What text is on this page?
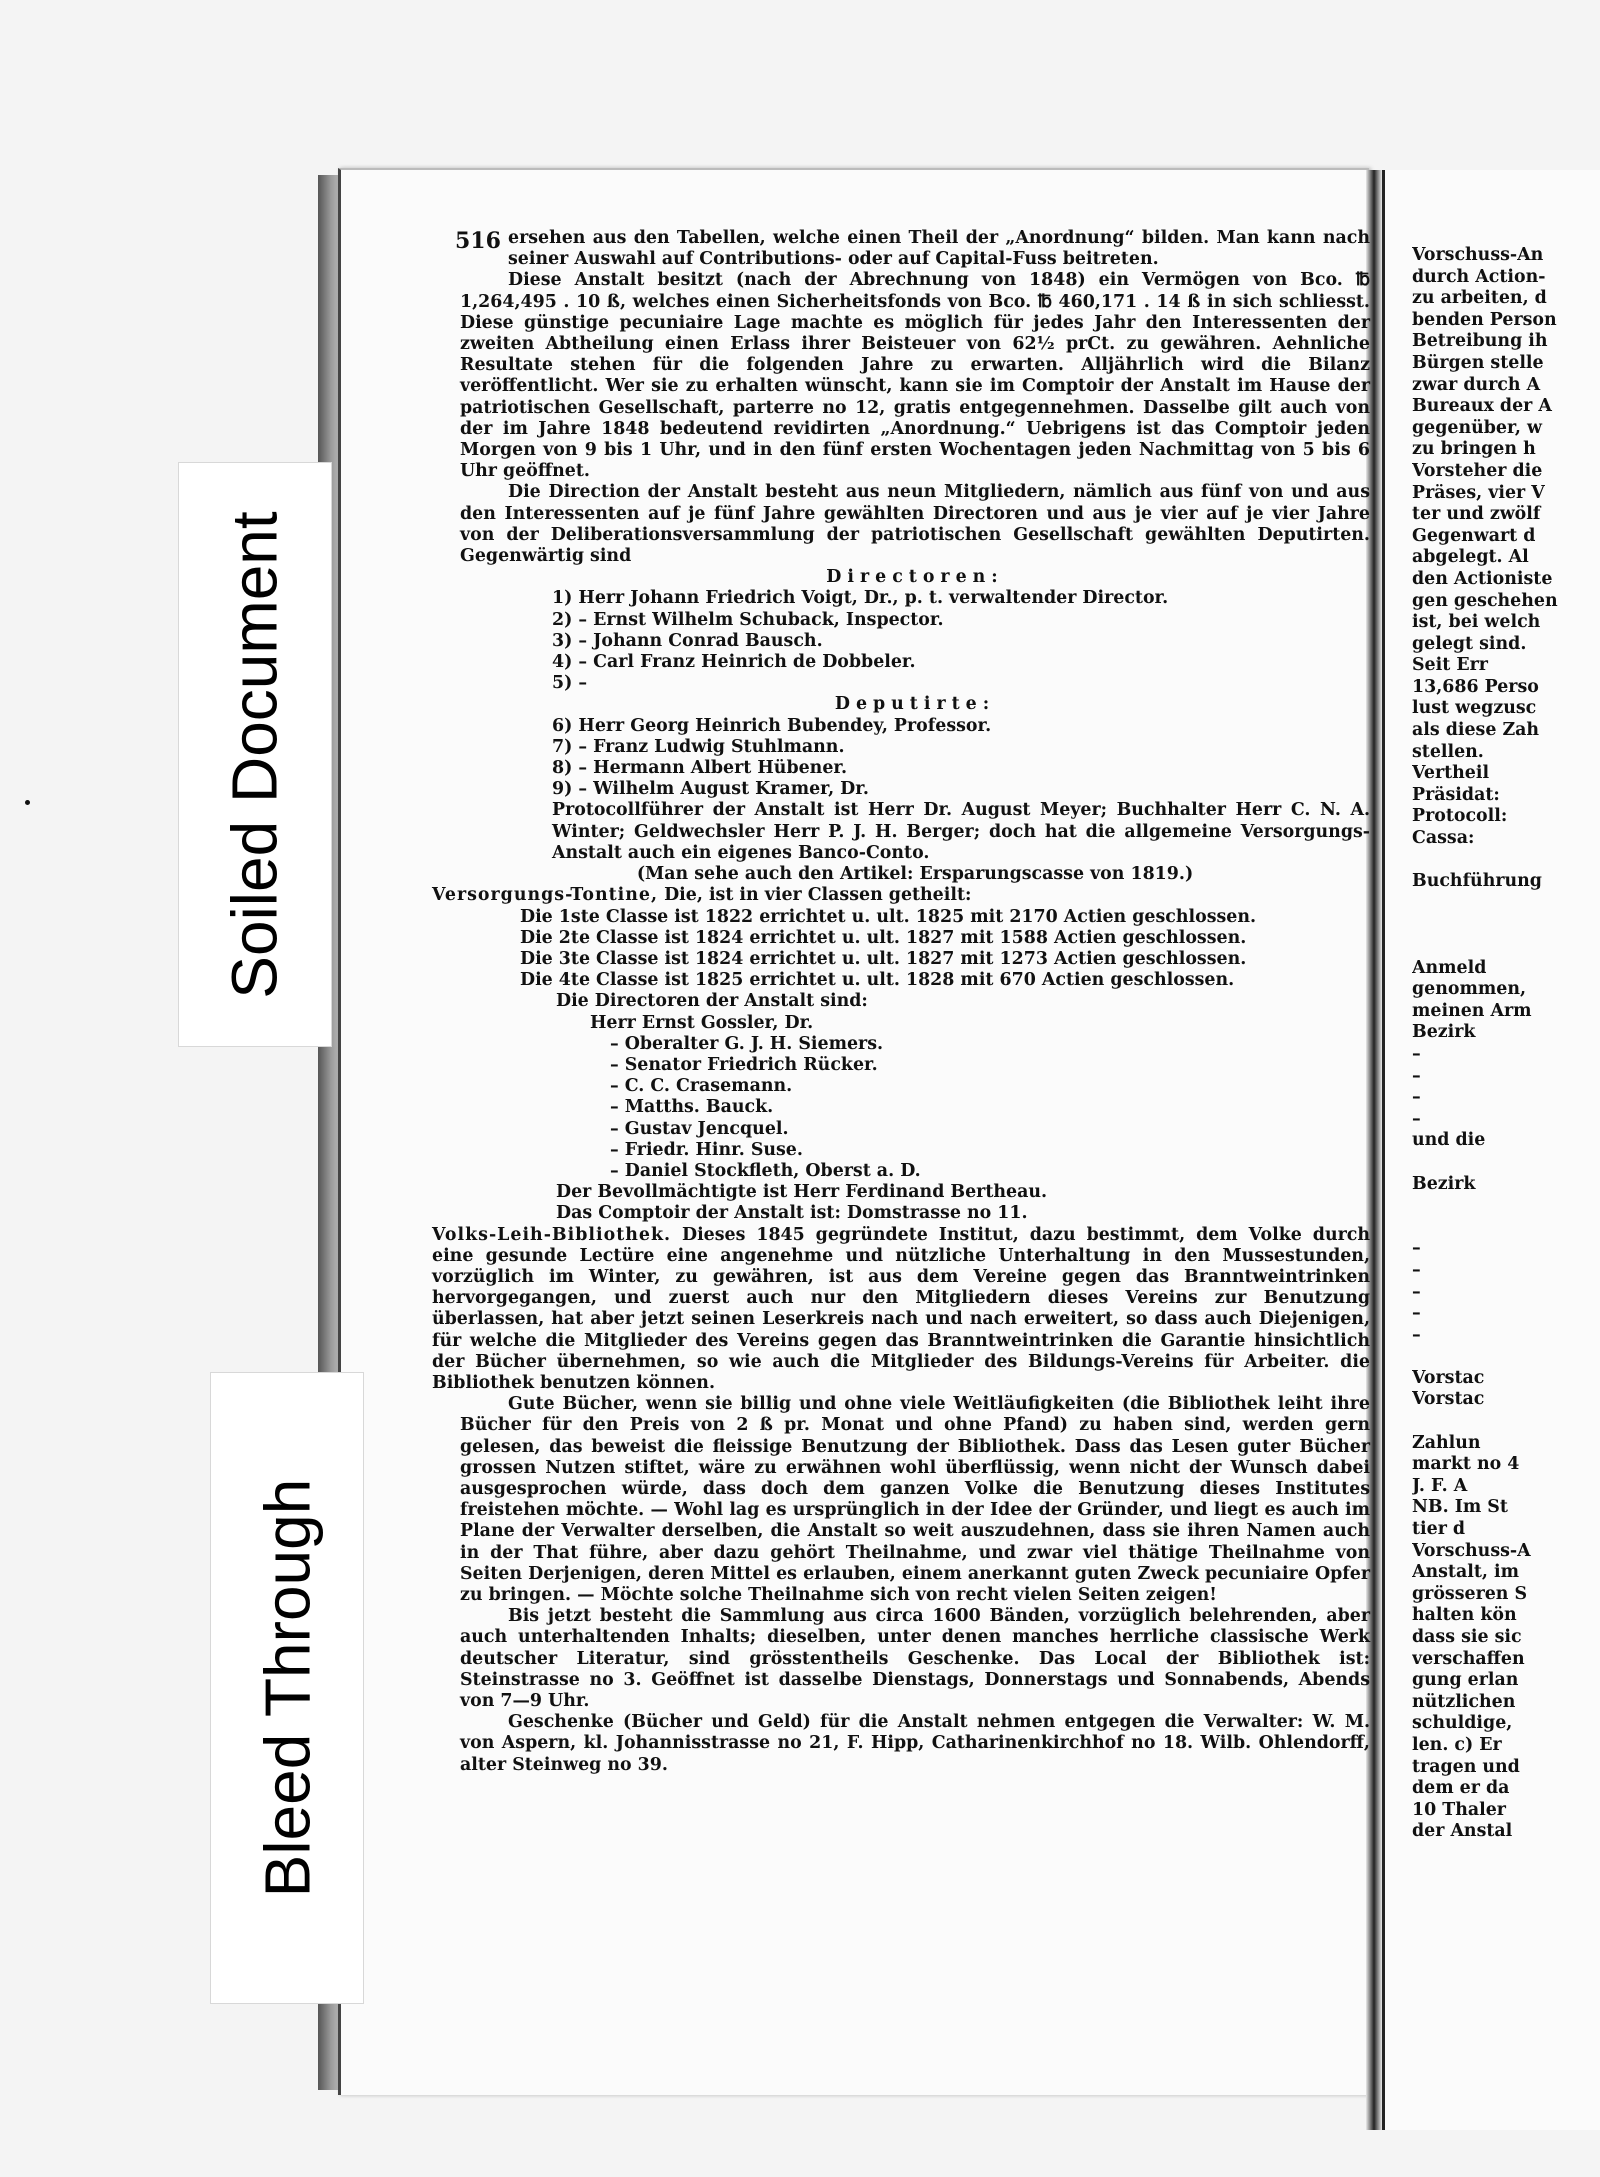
Soiled Document
Bleed Through
516 ersehen aus den Tabellen, welche einen Theil der „Anordnung“ bilden. Man kann nach seiner Auswahl auf Contributions- oder auf Capital-Fuss beitreten.

Diese Anstalt besitzt (nach der Abrechnung von 1848) ein Vermögen von Bco. ℔ 1,264,495 . 10 ß, welches einen Sicherheitsfonds von Bco. ℔ 460,171 . 14 ß in sich schliesst. Diese günstige pecuniaire Lage machte es möglich für jedes Jahr den Interessenten der zweiten Abtheilung einen Erlass ihrer Beisteuer von 62½ prCt. zu gewähren. Aehnliche Resultate stehen für die folgenden Jahre zu erwarten. Alljährlich wird die Bilanz veröffentlicht. Wer sie zu erhalten wünscht, kann sie im Comptoir der Anstalt im Hause der patriotischen Gesellschaft, parterre no 12, gratis entgegennehmen. Dasselbe gilt auch von der im Jahre 1848 bedeutend revidirten „Anordnung.“ Uebrigens ist das Comptoir jeden Morgen von 9 bis 1 Uhr, und in den fünf ersten Wochentagen jeden Nachmittag von 5 bis 6 Uhr geöffnet.

Die Direction der Anstalt besteht aus neun Mitgliedern, nämlich aus fünf von und aus den Interessenten auf je fünf Jahre gewählten Directoren und aus je vier auf je vier Jahre von der Deliberationsversammlung der patriotischen Gesellschaft gewählten Deputirten. Gegenwärtig sind

Directoren:

1) Herr Johann Friedrich Voigt, Dr., p. t. verwaltender Director.

2) – Ernst Wilhelm Schuback, Inspector.

3) – Johann Conrad Bausch.

4) – Carl Franz Heinrich de Dobbeler.

5) –

Deputirte:

6) Herr Georg Heinrich Bubendey, Professor.

7) – Franz Ludwig Stuhlmann.

8) – Hermann Albert Hübener.

9) – Wilhelm August Kramer, Dr.

Protocollführer der Anstalt ist Herr Dr. August Meyer; Buchhalter Herr C. N. A. Winter; Geldwechsler Herr P. J. H. Berger; doch hat die allgemeine Versorgungs-Anstalt auch ein eigenes Banco-Conto.

(Man sehe auch den Artikel: Ersparungscasse von 1819.)

Versorgungs-Tontine, Die, ist in vier Classen getheilt:

Die 1ste Classe ist 1822 errichtet u. ult. 1825 mit 2170 Actien geschlossen.

Die 2te Classe ist 1824 errichtet u. ult. 1827 mit 1588 Actien geschlossen.

Die 3te Classe ist 1824 errichtet u. ult. 1827 mit 1273 Actien geschlossen.

Die 4te Classe ist 1825 errichtet u. ult. 1828 mit 670 Actien geschlossen.

Die Directoren der Anstalt sind:

Herr Ernst Gossler, Dr.

– Oberalter G. J. H. Siemers.

– Senator Friedrich Rücker.

– C. C. Crasemann.

– Matths. Bauck.

– Gustav Jencquel.

– Friedr. Hinr. Suse.

– Daniel Stockfleth, Oberst a. D.

Der Bevollmächtigte ist Herr Ferdinand Bertheau.

Das Comptoir der Anstalt ist: Domstrasse no 11.

Volks-Leih-Bibliothek. Dieses 1845 gegründete Institut, dazu bestimmt, dem Volke durch eine gesunde Lectüre eine angenehme und nützliche Unterhaltung in den Mussestunden, vorzüglich im Winter, zu gewähren, ist aus dem Vereine gegen das Branntweintrinken hervorgegangen, und zuerst auch nur den Mitgliedern dieses Vereins zur Benutzung überlassen, hat aber jetzt seinen Leserkreis nach und nach erweitert, so dass auch Diejenigen, für welche die Mitglieder des Vereins gegen das Branntweintrinken die Garantie hinsichtlich der Bücher übernehmen, so wie auch die Mitglieder des Bildungs-Vereins für Arbeiter. die Bibliothek benutzen können.

Gute Bücher, wenn sie billig und ohne viele Weitläufigkeiten (die Bibliothek leiht ihre Bücher für den Preis von 2 ß pr. Monat und ohne Pfand) zu haben sind, werden gern gelesen, das beweist die fleissige Benutzung der Bibliothek. Dass das Lesen guter Bücher grossen Nutzen stiftet, wäre zu erwähnen wohl überflüssig, wenn nicht der Wunsch dabei ausgesprochen würde, dass doch dem ganzen Volke die Benutzung dieses Institutes freistehen möchte. — Wohl lag es ursprünglich in der Idee der Gründer, und liegt es auch im Plane der Verwalter derselben, die Anstalt so weit auszudehnen, dass sie ihren Namen auch in der That führe, aber dazu gehört Theilnahme, und zwar viel thätige Theilnahme von Seiten Derjenigen, deren Mittel es erlauben, einem anerkannt guten Zweck pecuniaire Opfer zu bringen. — Möchte solche Theilnahme sich von recht vielen Seiten zeigen!

Bis jetzt besteht die Sammlung aus circa 1600 Bänden, vorzüglich belehrenden, aber auch unterhaltenden Inhalts; dieselben, unter denen manches herrliche classische Werk deutscher Literatur, sind grösstentheils Geschenke. Das Local der Bibliothek ist: Steinstrasse no 3. Geöffnet ist dasselbe Dienstags, Donnerstags und Sonnabends, Abends von 7—9 Uhr.

Geschenke (Bücher und Geld) für die Anstalt nehmen entgegen die Verwalter: W. M. von Aspern, kl. Johannisstrasse no 21, F. Hipp, Catharinenkirchhof no 18. Wilb. Ohlendorff, alter Steinweg no 39.

Vorschuss-An

durch Action-

zu arbeiten, d

benden Person

Betreibung ih

Bürgen stelle

zwar durch A

Bureaux der A

gegenüber, w

zu bringen h

Vorsteher die

Präses, vier V

ter und zwölf

Gegenwart d

abgelegt. Al

den Actioniste

gen geschehen

ist, bei welch

gelegt sind.

Seit Err

13,686 Perso

lust wegzusc

als diese Zah

stellen.

Vertheil

Präsidat:

Protocoll:

Cassa:

Buchführung

Anmeld

genommen,

meinen Arm

Bezirk

–

–

–

–

und die

Bezirk

–

–

–

–

–

Vorstac

Vorstac

Zahlun

markt no 4

J. F. A

NB. Im St

tier d

Vorschuss-A

Anstalt, im

grösseren S

halten kön

dass sie sic

verschaffen

gung erlan

nützlichen

schuldige,

len. c) Er

tragen und

dem er da

10 Thaler

der Anstal
